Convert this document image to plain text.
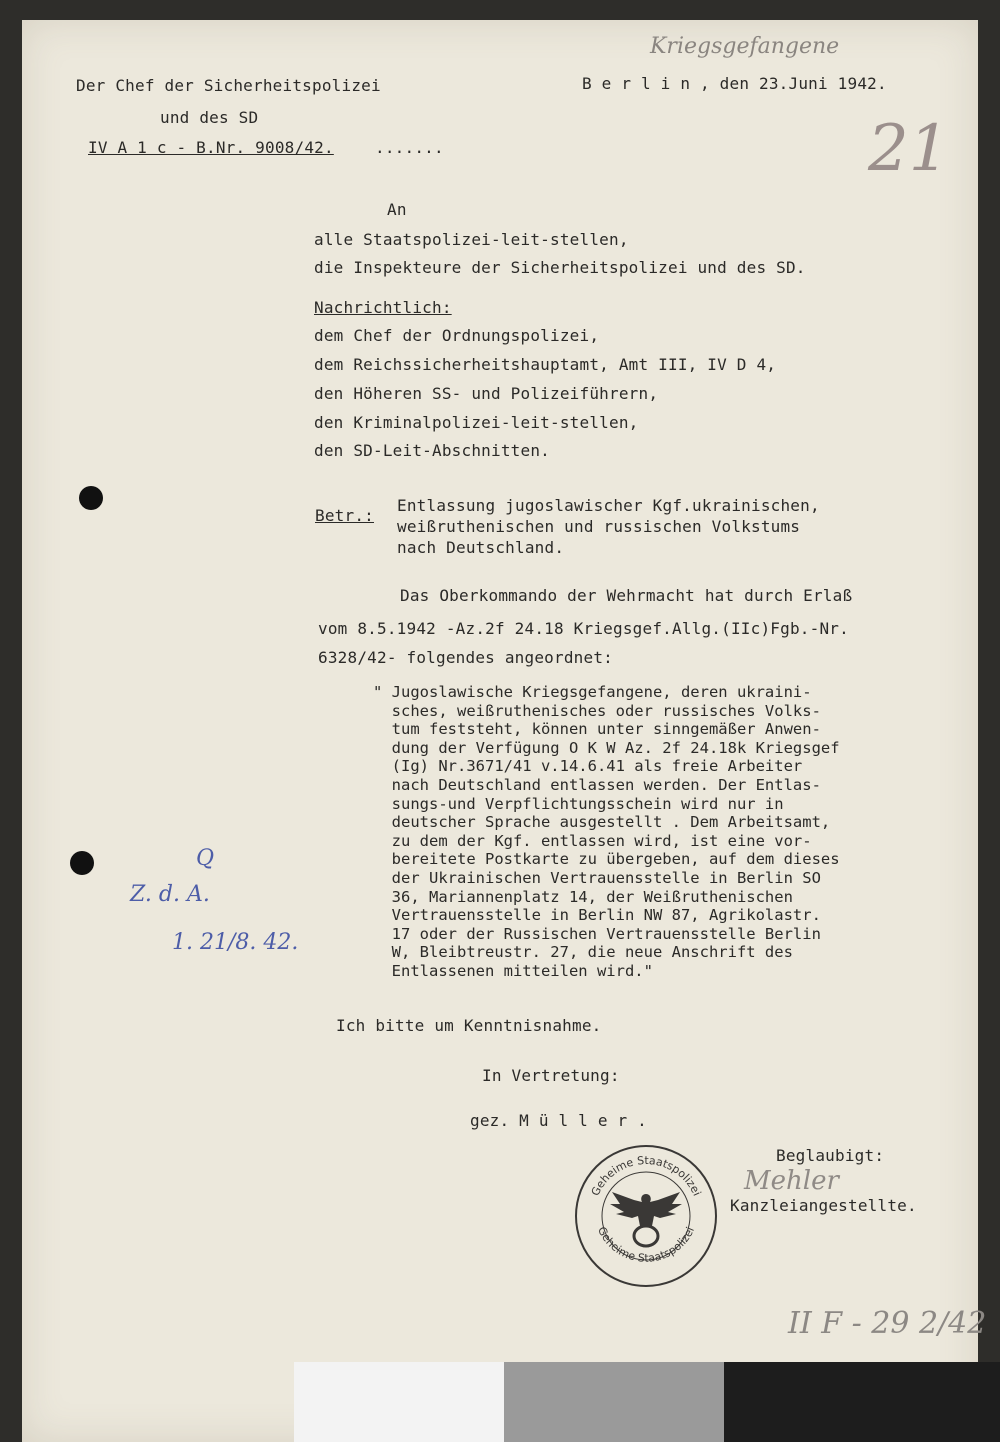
Der Chef der Sicherheitspolizei
und des SD
IV A 1 c - B.Nr. 9008/42.	.......
B e r l i n , den 23.Juni 1942.
Kriegsgefangene
21
An
alle Staatspolizei-leit-stellen,
die Inspekteure der Sicherheitspolizei und des SD.
Nachrichtlich:
dem Chef der Ordnungspolizei,
dem Reichssicherheitshauptamt, Amt III, IV D 4,
den Höheren SS- und Polizeiführern,
den Kriminalpolizei-leit-stellen,
den SD-Leit-Abschnitten.
Betr.:
Entlassung jugoslawischer Kgf.ukrainischen,
weißruthenischen und russischen Volkstums
nach Deutschland.
Das Oberkommando der Wehrmacht hat durch Erlaß
vom 8.5.1942 -Az.2f 24.18 Kriegsgef.Allg.(IIc)Fgb.-Nr.
6328/42- folgendes angeordnet:
" Jugoslawische Kriegsgefangene, deren ukraini-
sches, weißruthenisches oder russisches Volks-
tum feststeht, können unter sinngemäßer Anwen-
dung der Verfügung O K W Az. 2f 24.18k Kriegsgef
(Ig) Nr.3671/41 v.14.6.41 als freie Arbeiter
nach Deutschland entlassen werden. Der Entlas-
sungs-und Verpflichtungsschein wird nur in
deutscher Sprache ausgestellt . Dem Arbeitsamt,
zu dem der Kgf. entlassen wird, ist eine vor-
bereitete Postkarte zu übergeben, auf dem dieses
der Ukrainischen Vertrauensstelle in Berlin SO
36, Mariannenplatz 14, der Weißruthenischen
Vertrauensstelle in Berlin NW 87, Agrikolastr.
17 oder der Russischen Vertrauensstelle Berlin
W, Bleibtreustr. 27, die neue Anschrift des
Entlassenen mitteilen wird."
Q
Z. d. A.
1. 21/8. 42.
Ich bitte um Kenntnisnahme.
In Vertretung:
gez. M ü l l e r .
Beglaubigt:
Kanzleiangestellte.
Mehler
Geheime Staatspolizei
Geheime Staatspolizei
II F - 29 2/42
